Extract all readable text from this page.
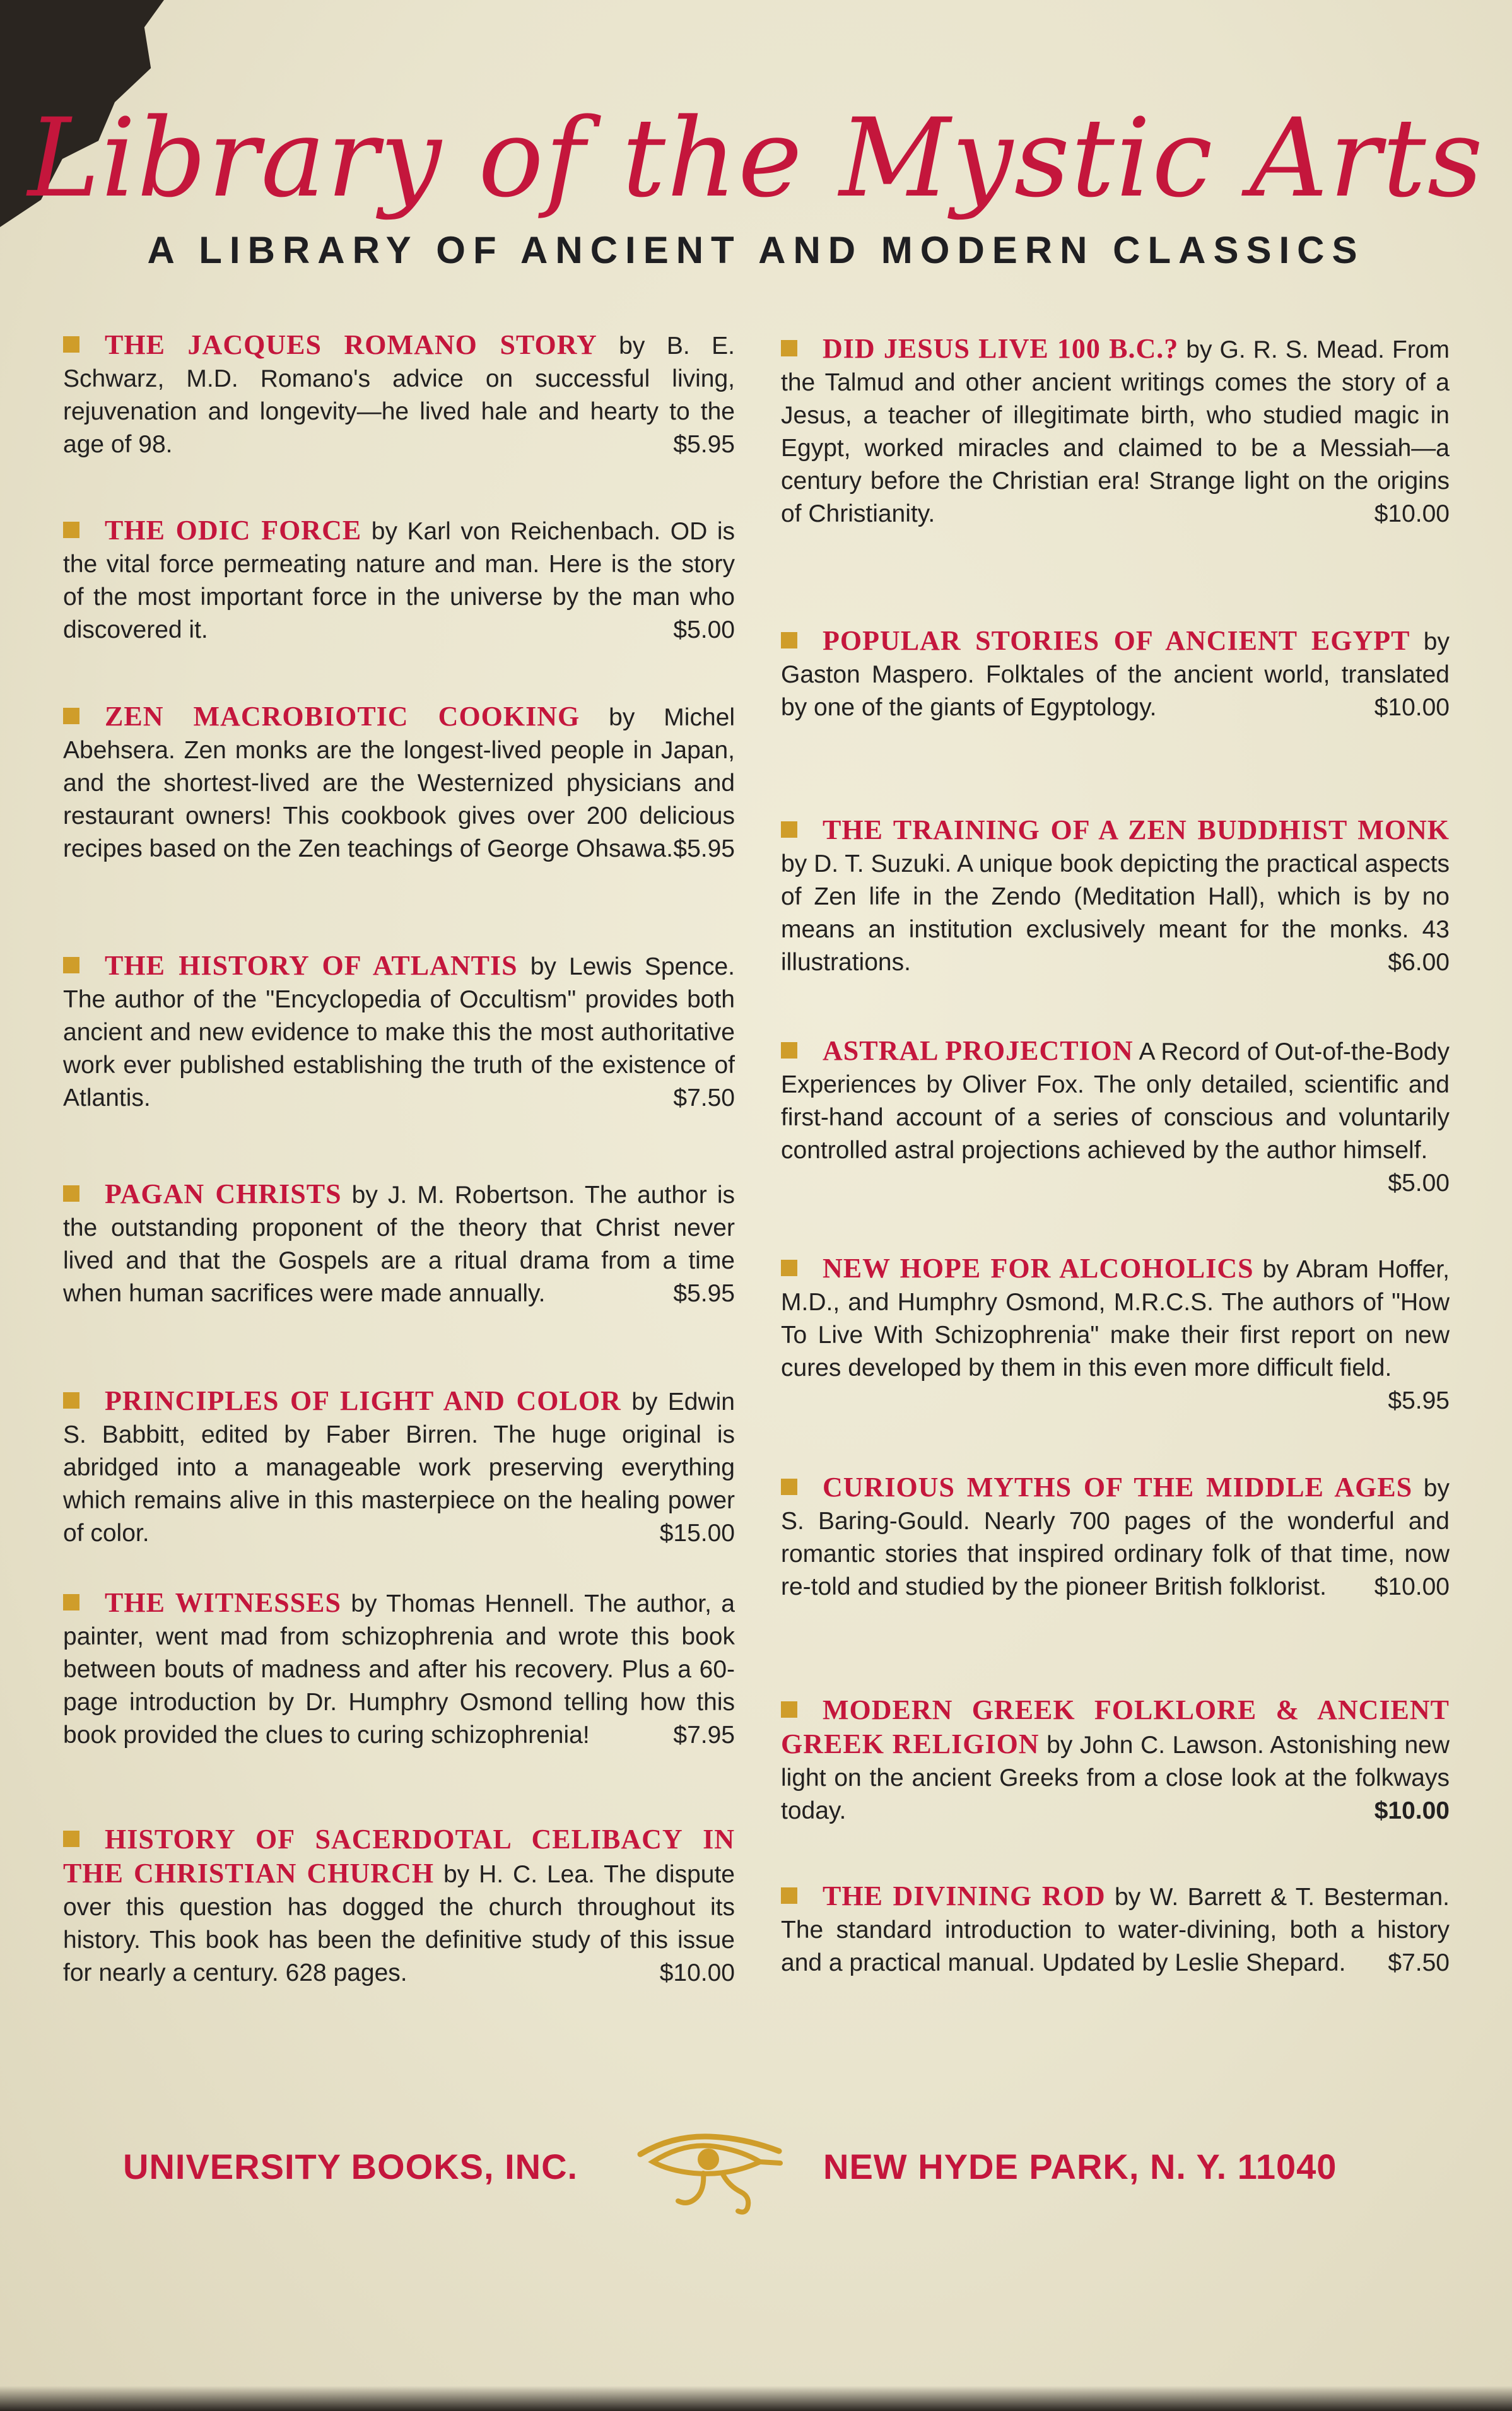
Library of the Mystic Arts
A LIBRARY OF ANCIENT AND MODERN CLASSICS
THE JACQUES ROMANO STORY by B. E. Schwarz, M.D. Romano's advice on successful living, rejuvenation and longevity—he lived hale and hearty to the age of 98.	$5.95
THE ODIC FORCE by Karl von Reichenbach. OD is the vital force permeating nature and man. Here is the story of the most important force in the universe by the man who discovered it.	$5.00
ZEN MACROBIOTIC COOKING by Michel Abehsera. Zen monks are the longest-lived people in Japan, and the shortest-lived are the Westernized physicians and restaurant owners! This cookbook gives over 200 delicious recipes based on the Zen teachings of George Ohsawa. $5.95
THE HISTORY OF ATLANTIS by Lewis Spence. The author of the "Encyclopedia of Occultism" provides both ancient and new evidence to make this the most authoritative work ever published establishing the truth of the existence of Atlantis.	$7.50
PAGAN CHRISTS by J. M. Robertson. The author is the outstanding proponent of the theory that Christ never lived and that the Gospels are a ritual drama from a time when human sacrifices were made annually.	$5.95
PRINCIPLES OF LIGHT AND COLOR by Edwin S. Babbitt, edited by Faber Birren. The huge original is abridged into a manageable work preserving everything which remains alive in this masterpiece on the healing power of color.	$15.00
THE WITNESSES by Thomas Hennell. The author, a painter, went mad from schizophrenia and wrote this book between bouts of madness and after his recovery. Plus a 60-page introduction by Dr. Humphry Osmond telling how this book provided the clues to curing schizophrenia!	$7.95
HISTORY OF SACERDOTAL CELIBACY IN THE CHRISTIAN CHURCH by H. C. Lea. The dispute over this question has dogged the church throughout its history. This book has been the definitive study of this issue for nearly a century. 628 pages.	$10.00
DID JESUS LIVE 100 B.C.? by G. R. S. Mead. From the Talmud and other ancient writings comes the story of a Jesus, a teacher of illegitimate birth, who studied magic in Egypt, worked miracles and claimed to be a Messiah—a century before the Christian era! Strange light on the origins of Christianity.	$10.00
POPULAR STORIES OF ANCIENT EGYPT by Gaston Maspero. Folktales of the ancient world, translated by one of the giants of Egyptology.	$10.00
THE TRAINING OF A ZEN BUDDHIST MONK by D. T. Suzuki. A unique book depicting the practical aspects of Zen life in the Zendo (Meditation Hall), which is by no means an institution exclusively meant for the monks. 43 illustrations.	$6.00
ASTRAL PROJECTION A Record of Out-of-the-Body Experiences by Oliver Fox. The only detailed, scientific and first-hand account of a series of conscious and voluntarily controlled astral projections achieved by the author himself.
$5.00
NEW HOPE FOR ALCOHOLICS by Abram Hoffer, M.D., and Humphry Osmond, M.R.C.S. The authors of "How To Live With Schizophrenia" make their first report on new cures developed by them in this even more difficult field.
$5.95
CURIOUS MYTHS OF THE MIDDLE AGES by S. Baring-Gould. Nearly 700 pages of the wonderful and romantic stories that inspired ordinary folk of that time, now re-told and studied by the pioneer British folklorist. $10.00
MODERN GREEK FOLKLORE & ANCIENT GREEK RELIGION by John C. Lawson. Astonishing new light on the ancient Greeks from a close look at the folkways today.	$10.00
THE DIVINING ROD by W. Barrett & T. Besterman. The standard introduction to water-divining, both a history and a practical manual. Updated by Leslie Shepard. $7.50
UNIVERSITY BOOKS, INC.	NEW HYDE PARK, N. Y. 11040
